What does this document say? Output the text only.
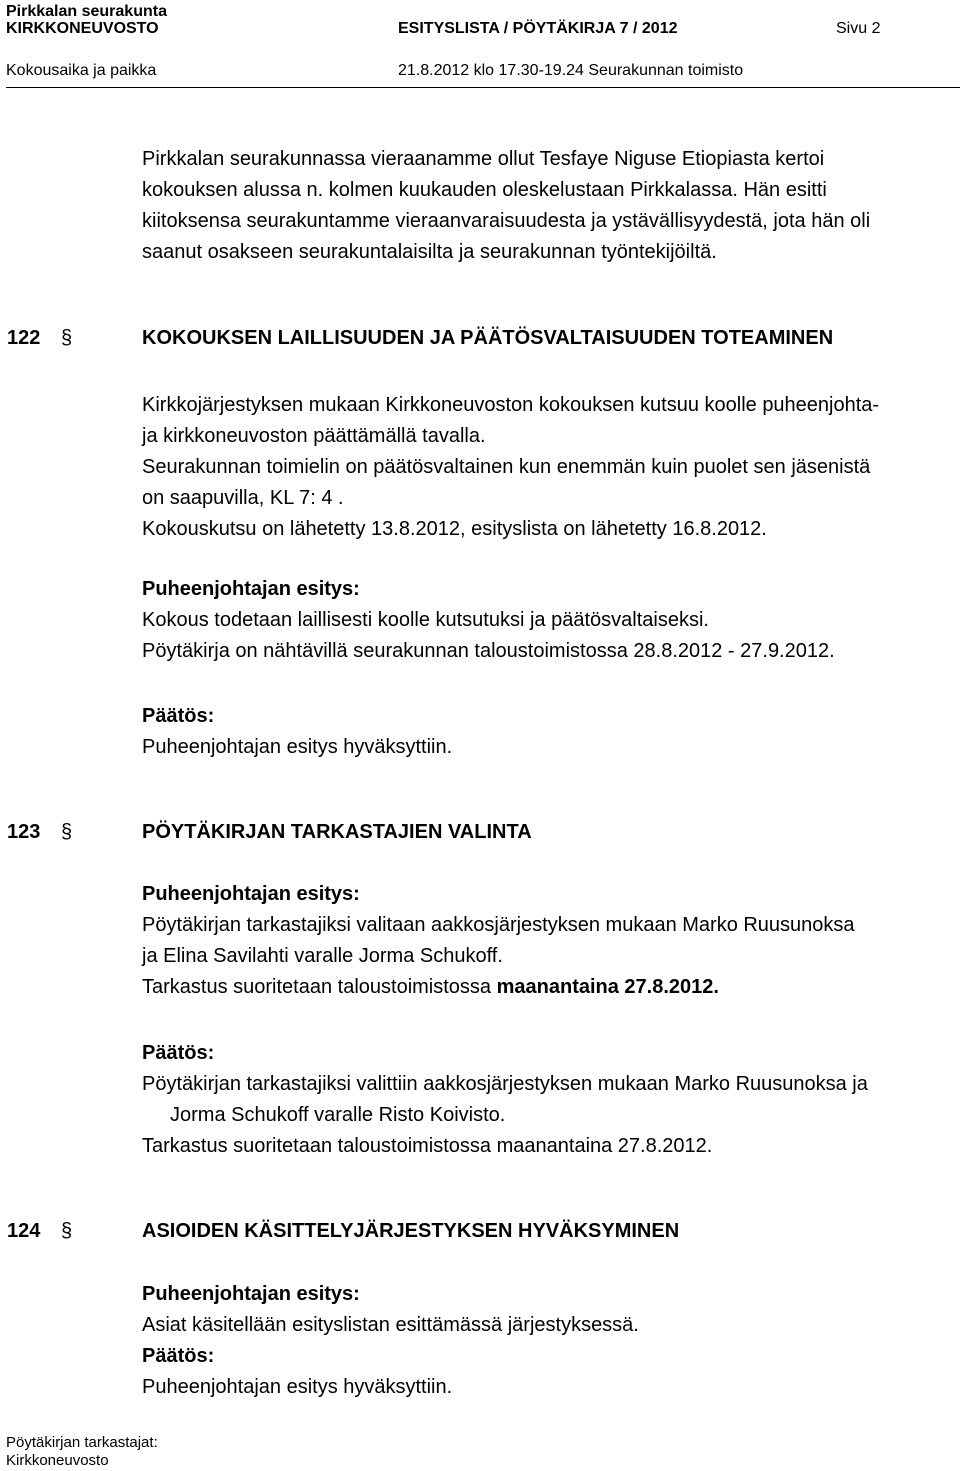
Pirkkalan seurakunta
KIRKKONEUVOSTO	ESITYSLISTA / PÖYTÄKIRJA 7 / 2012	Sivu 2
Kokousaika ja paikka	21.8.2012 klo 17.30-19.24 Seurakunnan toimisto

Pirkkalan seurakunnassa vieraanamme ollut Tesfaye Niguse Etiopiasta kertoi

kokouksen alussa n. kolmen kuukauden oleskelustaan Pirkkalassa. Hän esitti

kiitoksensa seurakuntamme vieraanvaraisuudesta ja ystävällisyydestä, jota hän oli

saanut osakseen seurakuntalaisilta ja seurakunnan työntekijöiltä.

122 §	KOKOUKSEN LAILLISUUDEN JA PÄÄTÖSVALTAISUUDEN TOTEAMINEN

Kirkkojärjestyksen mukaan Kirkkoneuvoston kokouksen kutsuu koolle puheenjohta-

ja kirkkoneuvoston päättämällä tavalla.

Seurakunnan toimielin on päätösvaltainen kun enemmän kuin puolet sen jäsenistä

on saapuvilla, KL 7: 4 .

Kokouskutsu on lähetetty 13.8.2012, esityslista on lähetetty 16.8.2012.

Puheenjohtajan esitys:

Kokous todetaan laillisesti koolle kutsutuksi ja päätösvaltaiseksi.

Pöytäkirja on nähtävillä seurakunnan taloustoimistossa 28.8.2012 - 27.9.2012.

Päätös:

Puheenjohtajan esitys hyväksyttiin.

123 §	PÖYTÄKIRJAN TARKASTAJIEN VALINTA

Puheenjohtajan esitys:

Pöytäkirjan tarkastajiksi valitaan aakkosjärjestyksen mukaan Marko Ruusunoksa

ja Elina Savilahti varalle Jorma Schukoff.

Tarkastus suoritetaan taloustoimistossa maanantaina 27.8.2012.

Päätös:

Pöytäkirjan tarkastajiksi valittiin aakkosjärjestyksen mukaan Marko Ruusunoksa ja

Jorma Schukoff varalle Risto Koivisto.

Tarkastus suoritetaan taloustoimistossa maanantaina 27.8.2012.

124 §	ASIOIDEN KÄSITTELYJÄRJESTYKSEN HYVÄKSYMINEN

Puheenjohtajan esitys:

Asiat käsitellään esityslistan esittämässä järjestyksessä.

Päätös:

Puheenjohtajan esitys hyväksyttiin.

Pöytäkirjan tarkastajat:
Kirkkoneuvosto
